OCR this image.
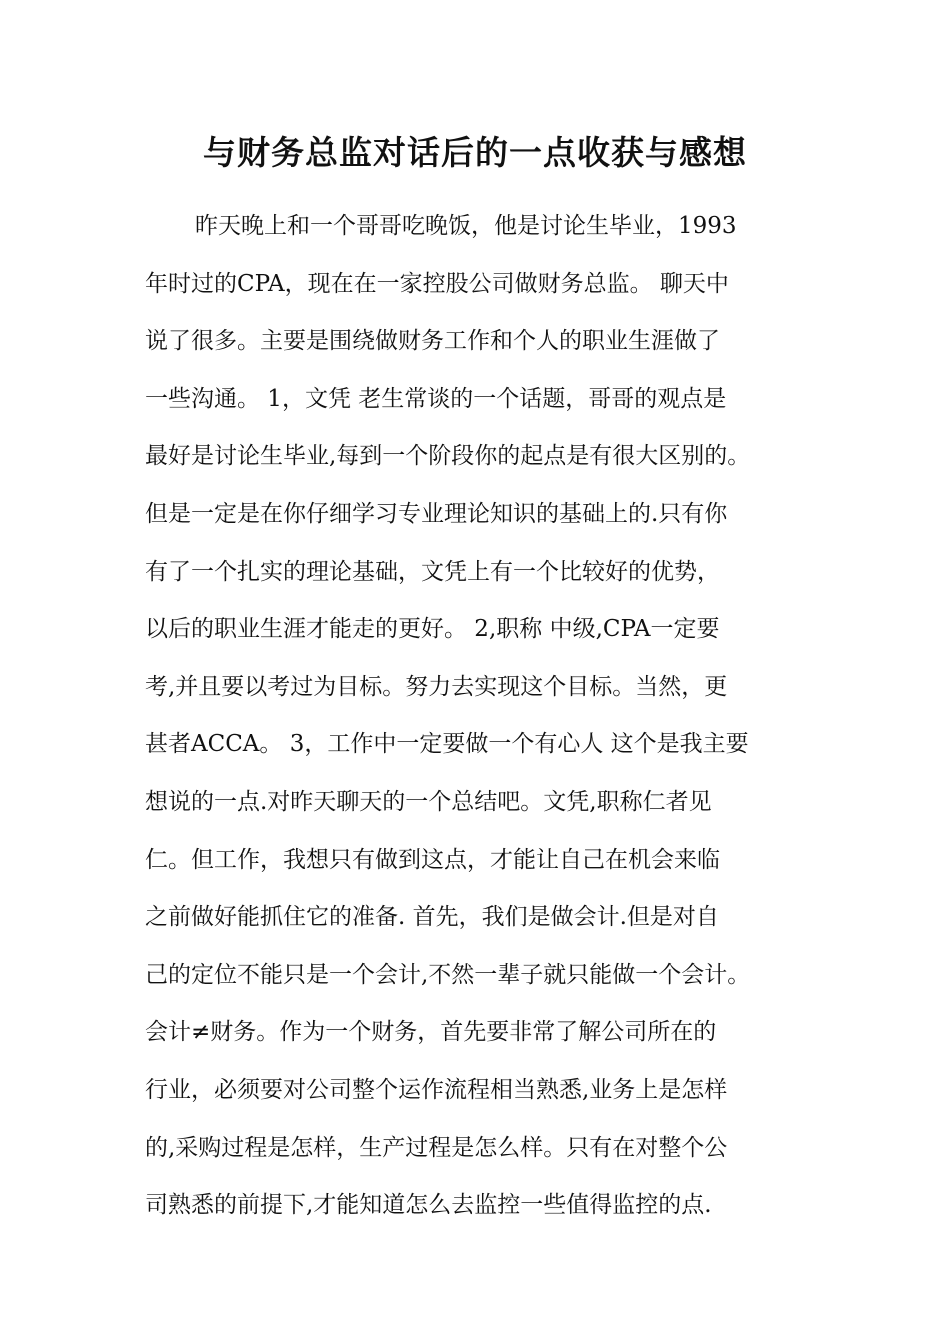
与财务总监对话后的一点收获与感想
昨天晚上和一个哥哥吃晚饭，他是讨论生毕业，1993
年时过的CPA，现在在一家控股公司做财务总监。 聊天中
说了很多。主要是围绕做财务工作和个人的职业生涯做了
一些沟通。 1，文凭 老生常谈的一个话题，哥哥的观点是
最好是讨论生毕业,每到一个阶段你的起点是有很大区别的。
但是一定是在你仔细学习专业理论知识的基础上的.只有你
有了一个扎实的理论基础，文凭上有一个比较好的优势，
以后的职业生涯才能走的更好。 2,职称 中级,CPA一定要
考,并且要以考过为目标。努力去实现这个目标。当然，更
甚者ACCA。 3，工作中一定要做一个有心人 这个是我主要
想说的一点.对昨天聊天的一个总结吧。文凭,职称仁者见
仁。但工作，我想只有做到这点，才能让自己在机会来临
之前做好能抓住它的准备. 首先，我们是做会计.但是对自
己的定位不能只是一个会计,不然一辈子就只能做一个会计。
会计≠财务。作为一个财务，首先要非常了解公司所在的
行业，必须要对公司整个运作流程相当熟悉,业务上是怎样
的,采购过程是怎样，生产过程是怎么样。只有在对整个公
司熟悉的前提下,才能知道怎么去监控一些值得监控的点.
